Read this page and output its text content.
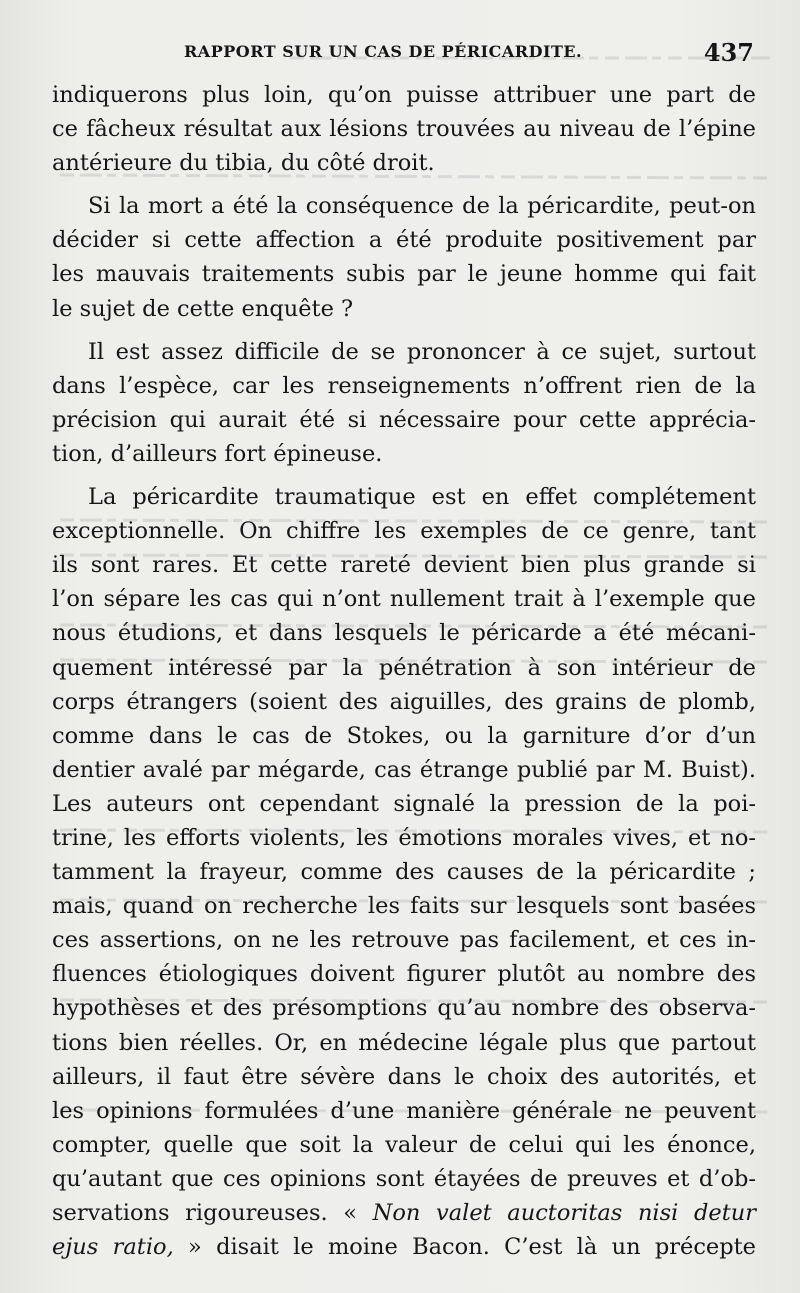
RAPPORT SUR UN CAS DE PÉRICARDITE.	437
indiquerons plus loin, qu’on puisse attribuer une part de
ce fâcheux résultat aux lésions trouvées au niveau de l’épine
antérieure du tibia, du côté droit.
Si la mort a été la conséquence de la péricardite, peut-on
décider si cette affection a été produite positivement par
les mauvais traitements subis par le jeune homme qui fait
le sujet de cette enquête ?
Il est assez difficile de se prononcer à ce sujet, surtout
dans l’espèce, car les renseignements n’offrent rien de la
précision qui aurait été si nécessaire pour cette apprécia-
tion, d’ailleurs fort épineuse.
La péricardite traumatique est en effet complétement
exceptionnelle. On chiffre les exemples de ce genre, tant
ils sont rares. Et cette rareté devient bien plus grande si
l’on sépare les cas qui n’ont nullement trait à l’exemple que
nous étudions, et dans lesquels le péricarde a été mécani-
quement intéressé par la pénétration à son intérieur de
corps étrangers (soient des aiguilles, des grains de plomb,
comme dans le cas de Stokes, ou la garniture d’or d’un
dentier avalé par mégarde, cas étrange publié par M. Buist).
Les auteurs ont cependant signalé la pression de la poi-
trine, les efforts violents, les émotions morales vives, et no-
tamment la frayeur, comme des causes de la péricardite ;
mais, quand on recherche les faits sur lesquels sont basées
ces assertions, on ne les retrouve pas facilement, et ces in-
fluences étiologiques doivent figurer plutôt au nombre des
hypothèses et des présomptions qu’au nombre des observa-
tions bien réelles. Or, en médecine légale plus que partout
ailleurs, il faut être sévère dans le choix des autorités, et
les opinions formulées d’une manière générale ne peuvent
compter, quelle que soit la valeur de celui qui les énonce,
qu’autant que ces opinions sont étayées de preuves et d’ob-
servations rigoureuses. « Non valet auctoritas nisi detur
ejus ratio, » disait le moine Bacon. C’est là un précepte
